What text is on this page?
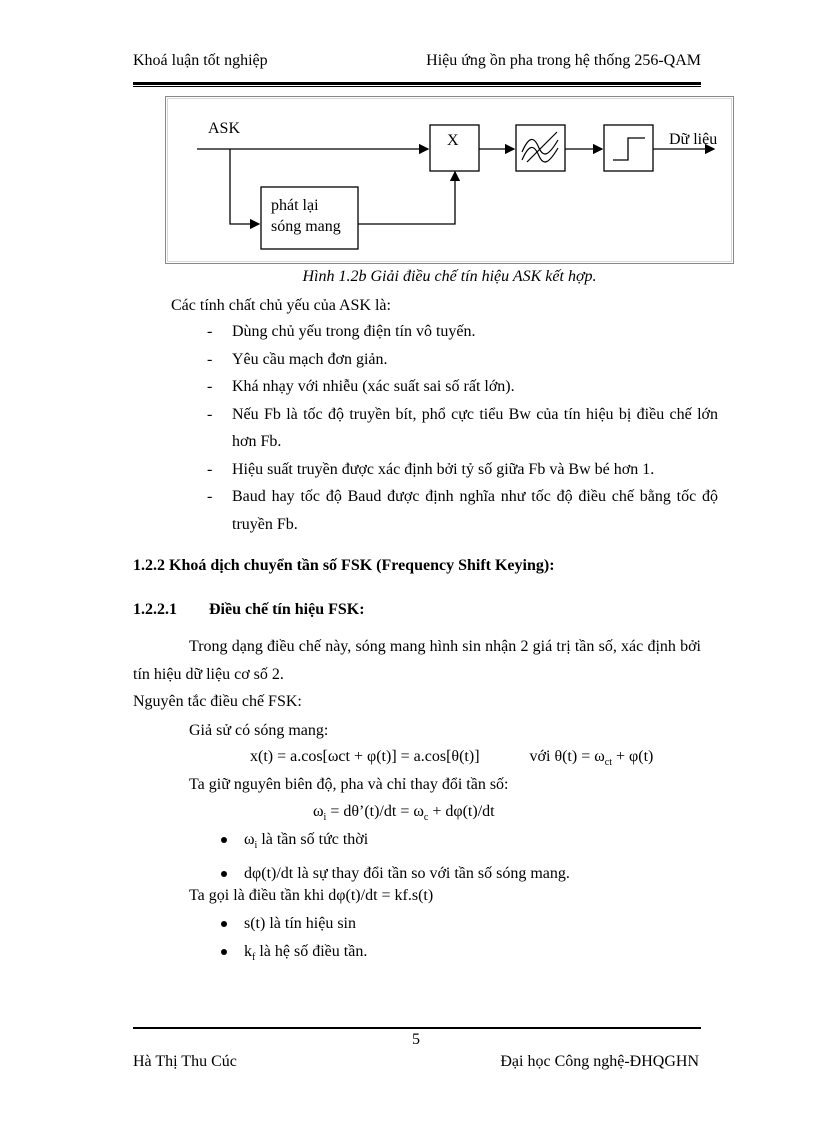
Khoá luận tốt nghiệp	Hiệu ứng ồn pha trong hệ thống 256-QAM
ASK
phát lại
sóng mang
X	Dữ liệu
Hình 1.2b Giải điều chế tín hiệu ASK kết hợp.
Các tính chất chủ yếu của ASK là:
- Dùng chủ yếu trong điện tín vô tuyến.
- Yêu cầu mạch đơn giản.
- Khá nhạy với nhiễu (xác suất sai số rất lớn).
- Nếu Fb là tốc độ truyền bít, phổ cực tiểu Bw của tín hiệu bị điều chế lớn hơn Fb.
- Hiệu suất truyền được xác định bởi tỷ số giữa Fb và Bw bé hơn 1.
- Baud hay tốc độ Baud được định nghĩa như tốc độ điều chế bằng tốc độ truyền Fb.
1.2.2 Khoá dịch chuyển tần số FSK (Frequency Shift Keying):
1.2.2.1 Điều chế tín hiệu FSK:
Trong dạng điều chế này, sóng mang hình sin nhận 2 giá trị tần số, xác định bởi tín hiệu dữ liệu cơ số 2.
Nguyên tắc điều chế FSK:
Giả sử có sóng mang:
x(t) = a.cos[ωct + φ(t)] = a.cos[θ(t)]	với $\theta(t) = \omega_{ct} + \varphi(t)$
Ta giữ nguyên biên độ, pha và chỉ thay đổi tần số:
$\omega_i$ = dθ’(t)/dt = $\omega_c + d\varphi(t)/dt$
$\omega_i$ là tần số tức thời
dφ(t)/dt là sự thay đổi tần so với tần số sóng mang.
Ta gọi là điều tần khi dφ(t)/dt = kf.s(t)
s(t) là tín hiệu sin
$k_f$ là hệ số điều tần.
5
Hà Thị Thu Cúc	Đại học Công nghệ-ĐHQGHN
